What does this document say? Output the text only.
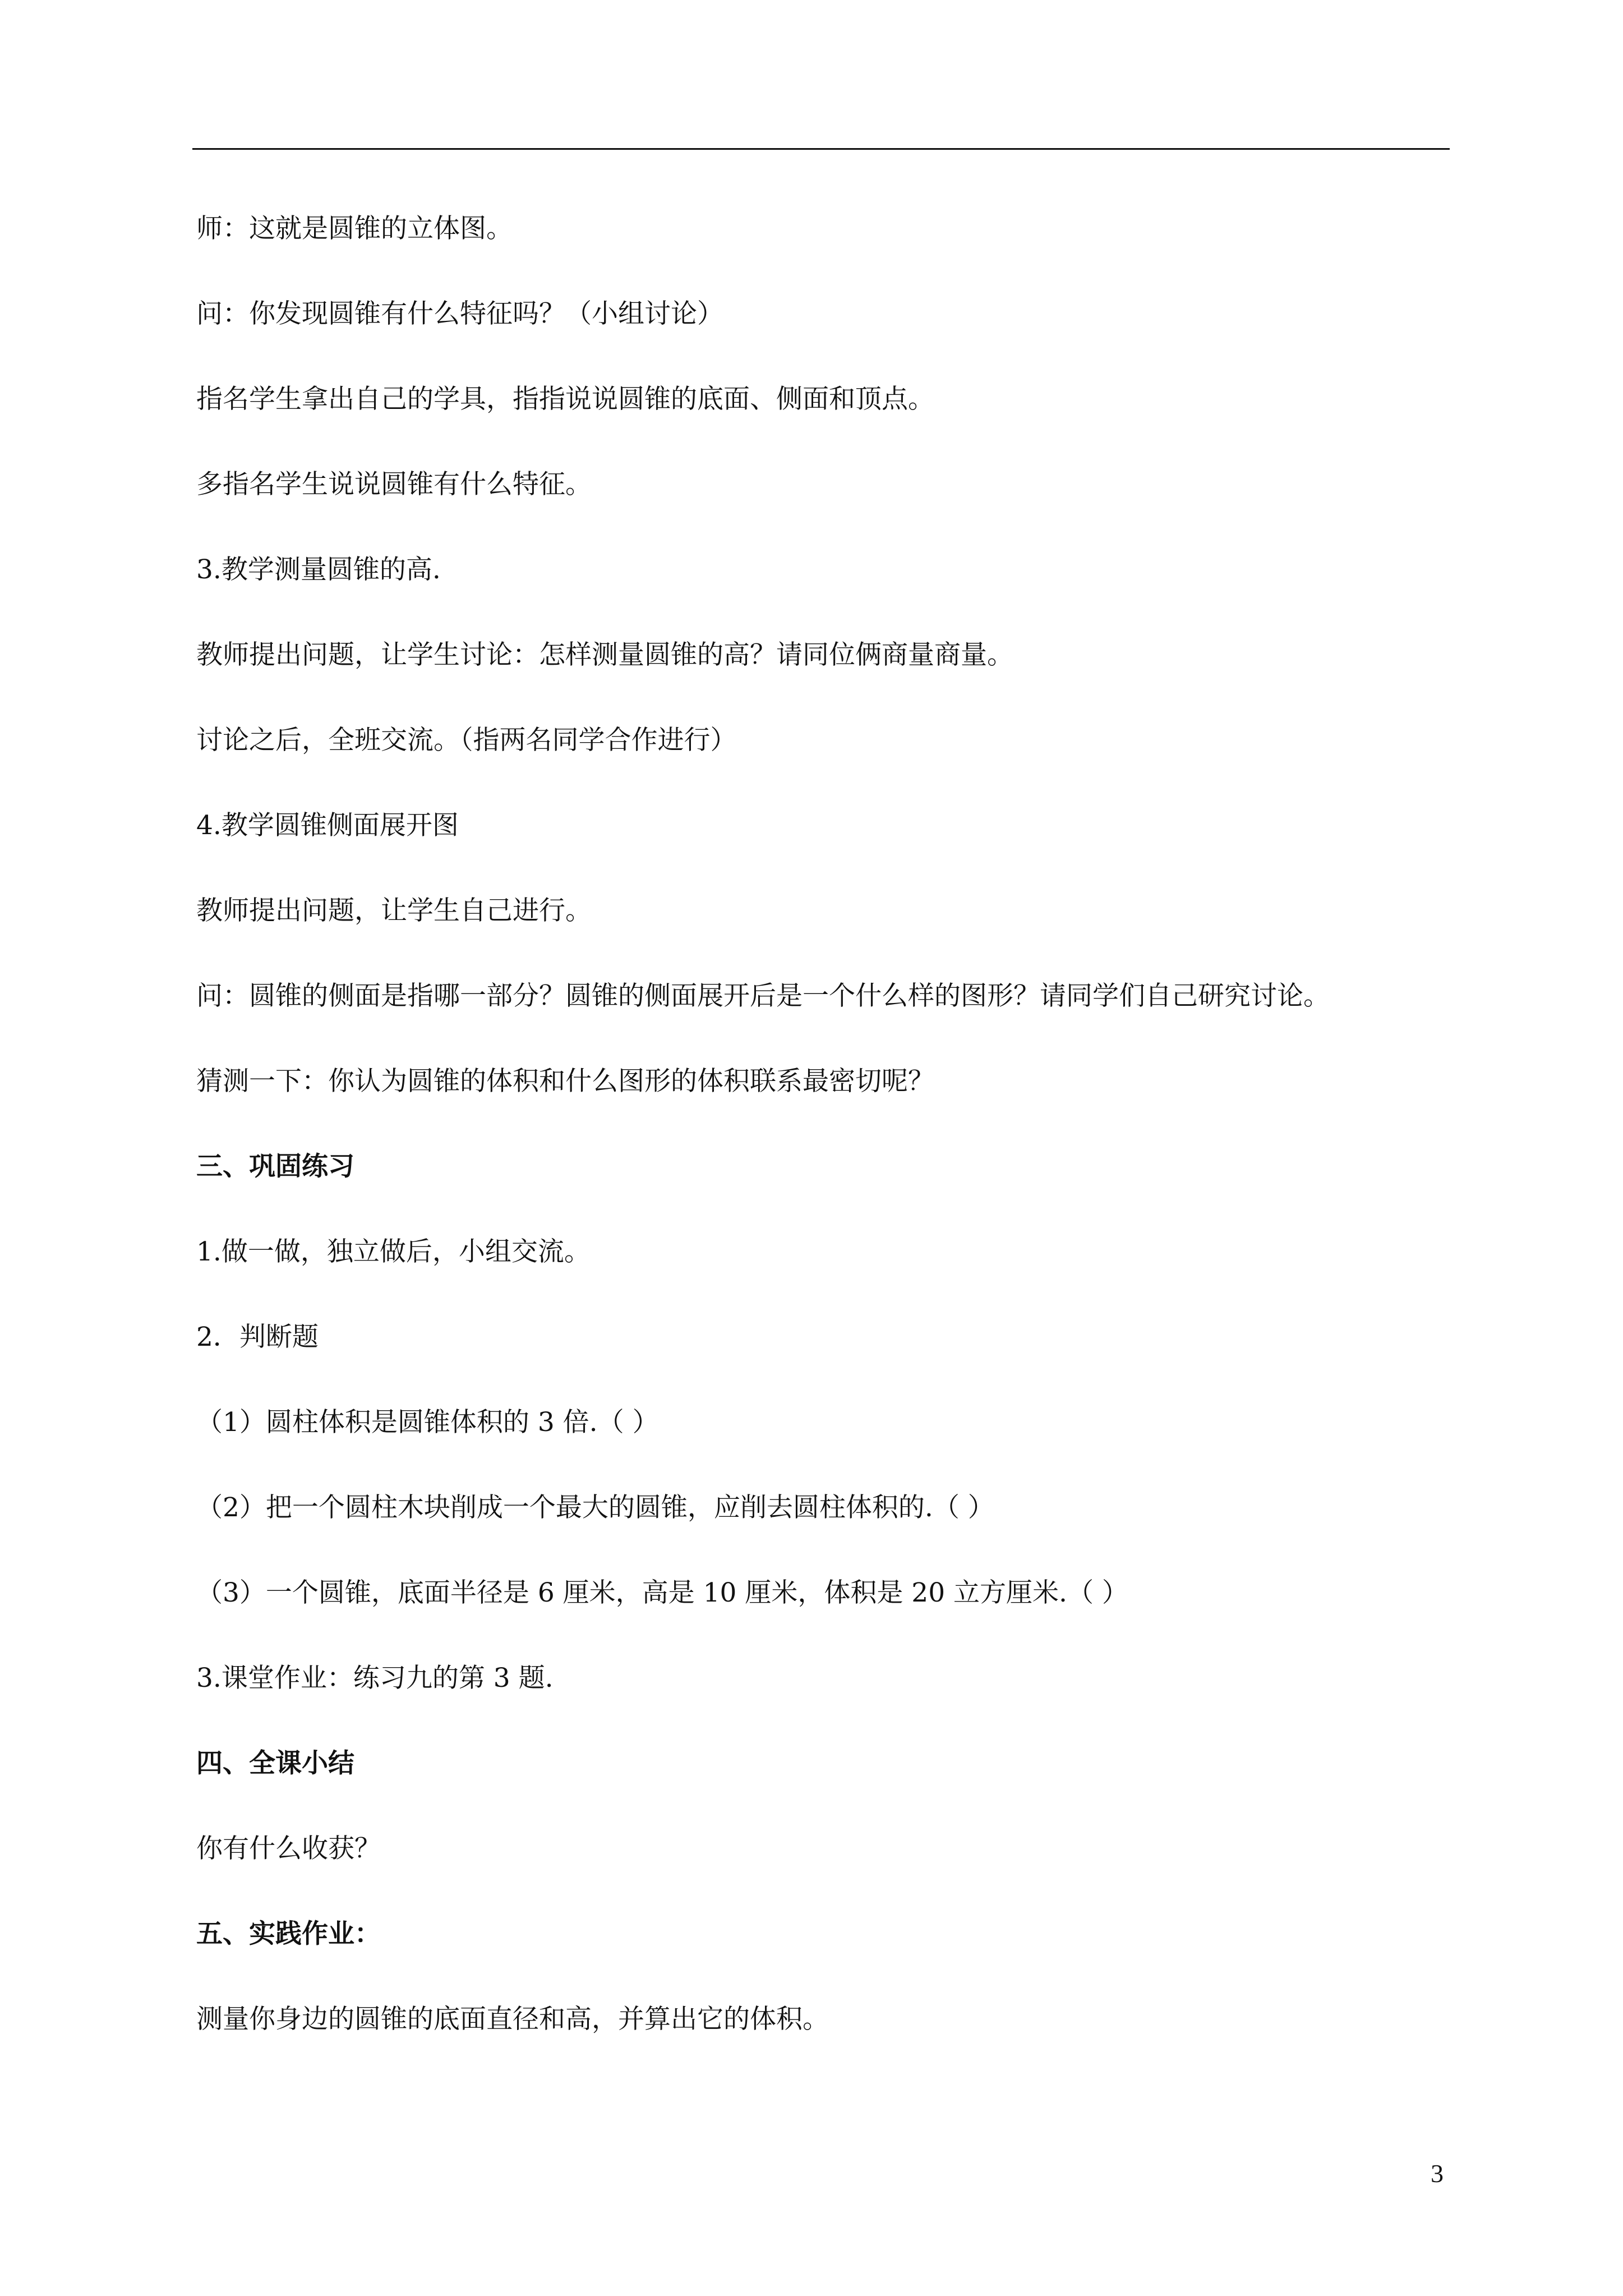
师：这就是圆锥的立体图。

问：你发现圆锥有什么特征吗？（小组讨论）

指名学生拿出自己的学具，指指说说圆锥的底面、侧面和顶点。

多指名学生说说圆锥有什么特征。

3.教学测量圆锥的高.

教师提出问题，让学生讨论：怎样测量圆锥的高？请同位俩商量商量。

讨论之后，全班交流。（指两名同学合作进行）

4.教学圆锥侧面展开图

教师提出问题，让学生自己进行。

问：圆锥的侧面是指哪一部分？圆锥的侧面展开后是一个什么样的图形？请同学们自己研究讨论。

猜测一下：你认为圆锥的体积和什么图形的体积联系最密切呢？

三、巩固练习

1.做一做，独立做后，小组交流。

2．判断题

（1）圆柱体积是圆锥体积的 3 倍.（ ）

（2）把一个圆柱木块削成一个最大的圆锥，应削去圆柱体积的.（ ）

（3）一个圆锥，底面半径是 6 厘米，高是 10 厘米，体积是 20 立方厘米.（ ）

3.课堂作业：练习九的第 3 题.

四、全课小结

你有什么收获？

五、实践作业：

测量你身边的圆锥的底面直径和高，并算出它的体积。

3
